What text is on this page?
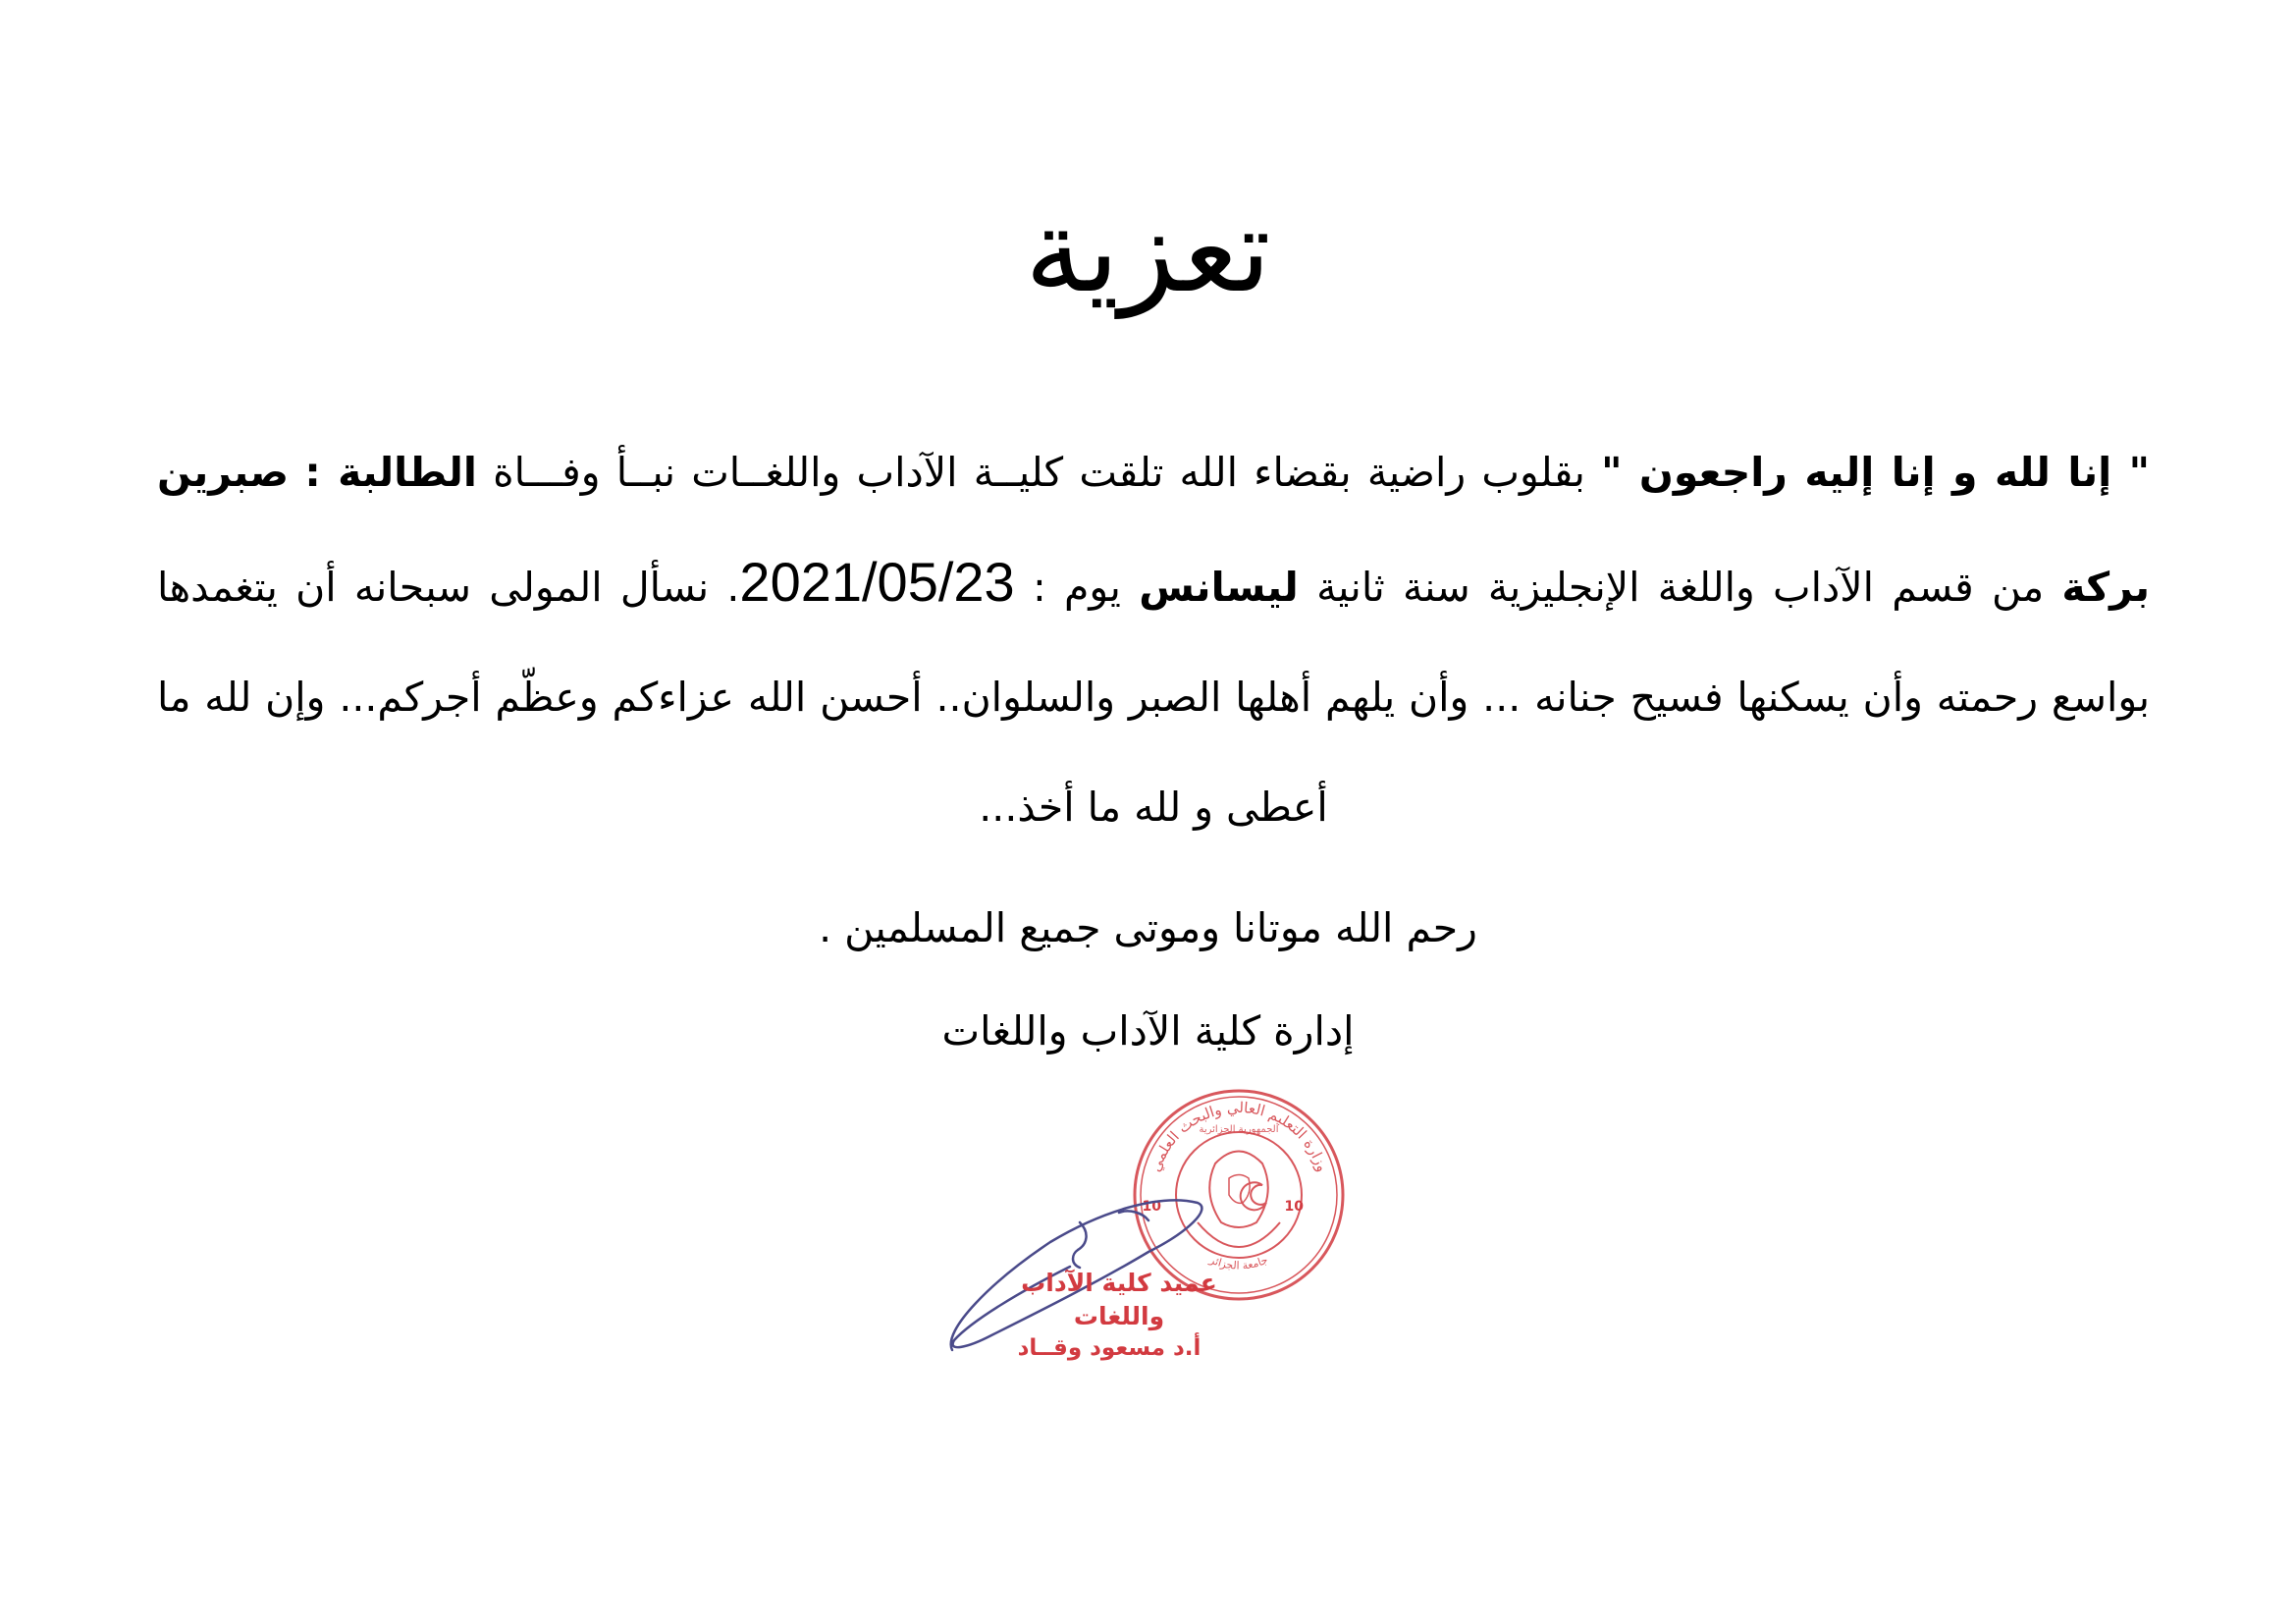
تعزية
" إنا لله و إنا إليه راجعون " بقلوب راضية بقضاء الله تلقت كليــة الآداب واللغــات نبــأ وفـــاة الطالبة : صبرين بركة من قسم الآداب واللغة الإنجليزية سنة ثانية ليسانس يوم : 2021/05/23. نسأل المولى سبحانه أن يتغمدها بواسع رحمته وأن يسكنها فسيح جنانه ... وأن يلهم أهلها الصبر والسلوان.. أحسن الله عزاءكم وعظّم أجركم... وإن لله ما أعطى و لله ما أخذ...
رحم الله موتانا وموتى جميع المسلمين .
إدارة كلية الآداب واللغات
وزارة التعليم العالي والبحث العلمي
جامعة الجزائر
10	10
الجمهورية الجزائرية
عميد كلية الآداب واللغات
أ.د مسعود وقــاد
